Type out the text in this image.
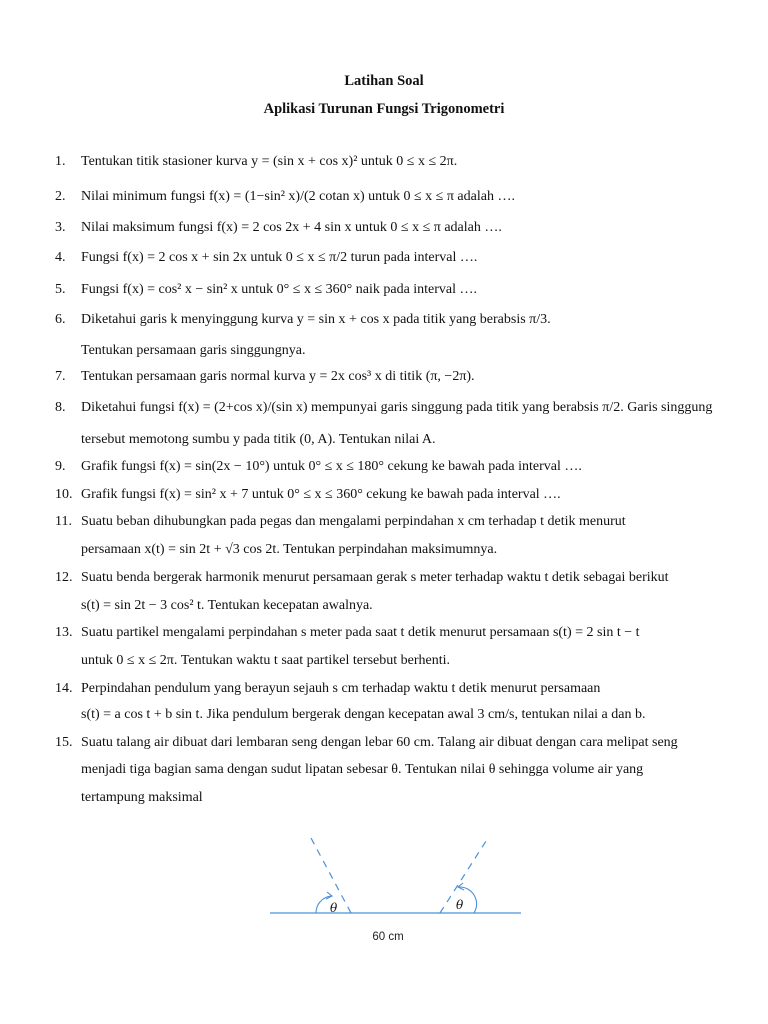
Latihan Soal
Aplikasi Turunan Fungsi Trigonometri
1.	Tentukan titik stasioner kurva y = (sin x + cos x)² untuk 0 ≤ x ≤ 2π.
2.	Nilai minimum fungsi f(x) = (1−sin² x)/(2 cotan x) untuk 0 ≤ x ≤ π adalah ….
3.	Nilai maksimum fungsi f(x) = 2 cos 2x + 4 sin x untuk 0 ≤ x ≤ π adalah ….
4.	Fungsi f(x) = 2 cos x + sin 2x untuk 0 ≤ x ≤ π/2 turun pada interval ….
5.	Fungsi f(x) = cos² x − sin² x untuk 0° ≤ x ≤ 360° naik pada interval ….
6.	Diketahui garis k menyinggung kurva y = sin x + cos x pada titik yang berabsis π/3.
Tentukan persamaan garis singgungnya.
7.	Tentukan persamaan garis normal kurva y = 2x cos³ x di titik (π, −2π).
8.	Diketahui fungsi f(x) = (2+cos x)/(sin x) mempunyai garis singgung pada titik yang berabsis π/2. Garis singgung
tersebut memotong sumbu y pada titik (0, A). Tentukan nilai A.
9.	Grafik fungsi f(x) = sin(2x − 10°) untuk 0° ≤ x ≤ 180° cekung ke bawah pada interval ….
10. Grafik fungsi f(x) = sin² x + 7 untuk 0° ≤ x ≤ 360° cekung ke bawah pada interval ….
11. Suatu beban dihubungkan pada pegas dan mengalami perpindahan x cm terhadap t detik menurut
persamaan x(t) = sin 2t + √3 cos 2t. Tentukan perpindahan maksimumnya.
12. Suatu benda bergerak harmonik menurut persamaan gerak s meter terhadap waktu t detik sebagai berikut
s(t) = sin 2t − 3 cos² t. Tentukan kecepatan awalnya.
13. Suatu partikel mengalami perpindahan s meter pada saat t detik menurut persamaan s(t) = 2 sin t − t
untuk 0 ≤ x ≤ 2π. Tentukan waktu t saat partikel tersebut berhenti.
14. Perpindahan pendulum yang berayun sejauh s cm terhadap waktu t detik menurut persamaan
s(t) = a cos t + b sin t. Jika pendulum bergerak dengan kecepatan awal 3 cm/s, tentukan nilai a dan b.
15. Suatu talang air dibuat dari lembaran seng dengan lebar 60 cm. Talang air dibuat dengan cara melipat seng
menjadi tiga bagian sama dengan sudut lipatan sebesar θ. Tentukan nilai θ sehingga volume air yang
tertampung maksimal
θ	θ
60 cm
